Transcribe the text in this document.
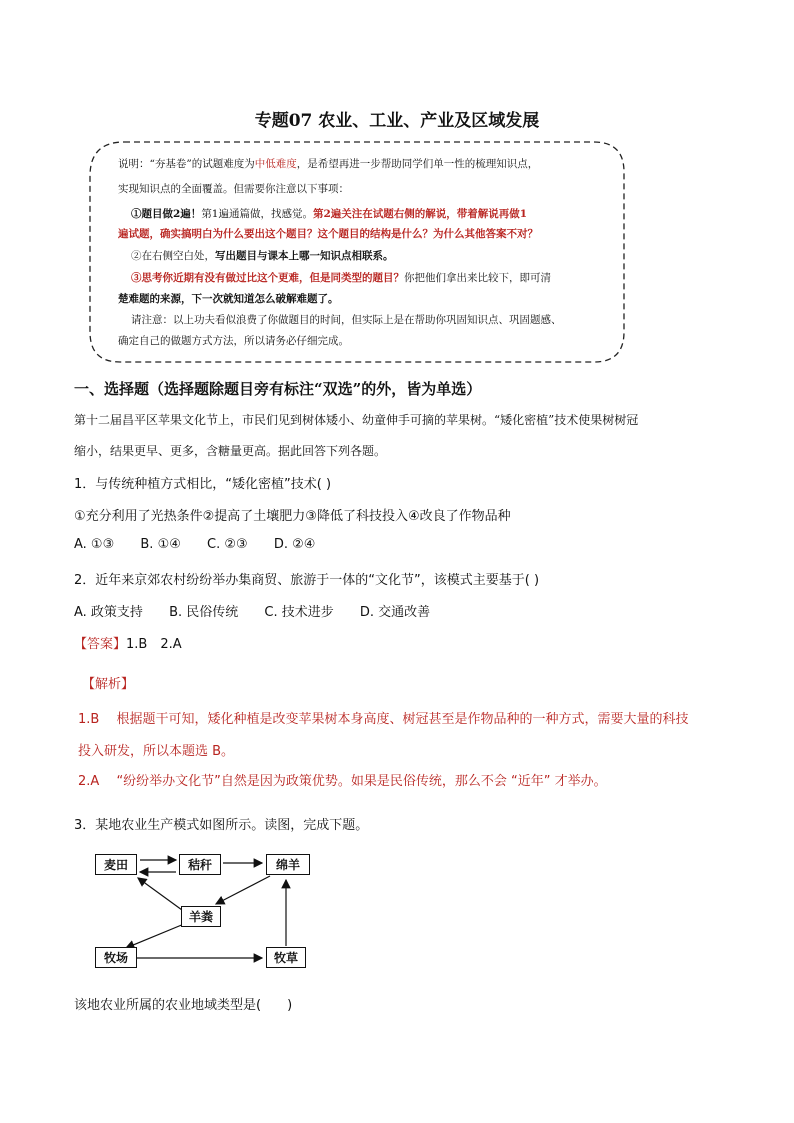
专题07 农业、工业、产业及区域发展
说明：“夯基卷”的试题难度为中低难度，是希望再进一步帮助同学们单一性的梳理知识点，
实现知识点的全面覆盖。但需要你注意以下事项：
①题目做2遍！第1遍通篇做，找感觉。第2遍关注在试题右侧的解说，带着解说再做1
遍试题，确实搞明白为什么要出这个题目？这个题目的结构是什么？为什么其他答案不对？
②在右侧空白处，写出题目与课本上哪一知识点相联系。
③思考你近期有没有做过比这个更难，但是同类型的题目？你把他们拿出来比较下，即可清
楚难题的来源，下一次就知道怎么破解难题了。
请注意：以上功夫看似浪费了你做题目的时间，但实际上是在帮助你巩固知识点、巩固题感、
确定自己的做题方式方法，所以请务必仔细完成。
一、选择题（选择题除题目旁有标注“双选”的外，皆为单选）
第十二届昌平区苹果文化节上，市民们见到树体矮小、幼童伸手可摘的苹果树。“矮化密植”技术使果树树冠
缩小，结果更早、更多，含糖量更高。据此回答下列各题。
1．与传统种植方式相比，“矮化密植”技术( )
①充分利用了光热条件②提高了土壤肥力③降低了科技投入④改良了作物品种
A. ①③ B. ①④ C. ②③ D. ②④
2．近年来京郊农村纷纷举办集商贸、旅游于一体的“文化节”，该模式主要基于( )
A. 政策支持 B. 民俗传统 C. 技术进步 D. 交通改善
【答案】1.B　2.A
【解析】
1.B　 根据题干可知，矮化种植是改变苹果树本身高度、树冠甚至是作物品种的一种方式，需要大量的科技
投入研发，所以本题选 B。
2.A　 “纷纷举办文化节”自然是因为政策优势。如果是民俗传统，那么不会 “近年” 才举办。
3．某地农业生产模式如图所示。读图，完成下题。
麦田	秸秆	绵羊
羊粪
牧场	牧草
该地农业所属的农业地域类型是(　　)
